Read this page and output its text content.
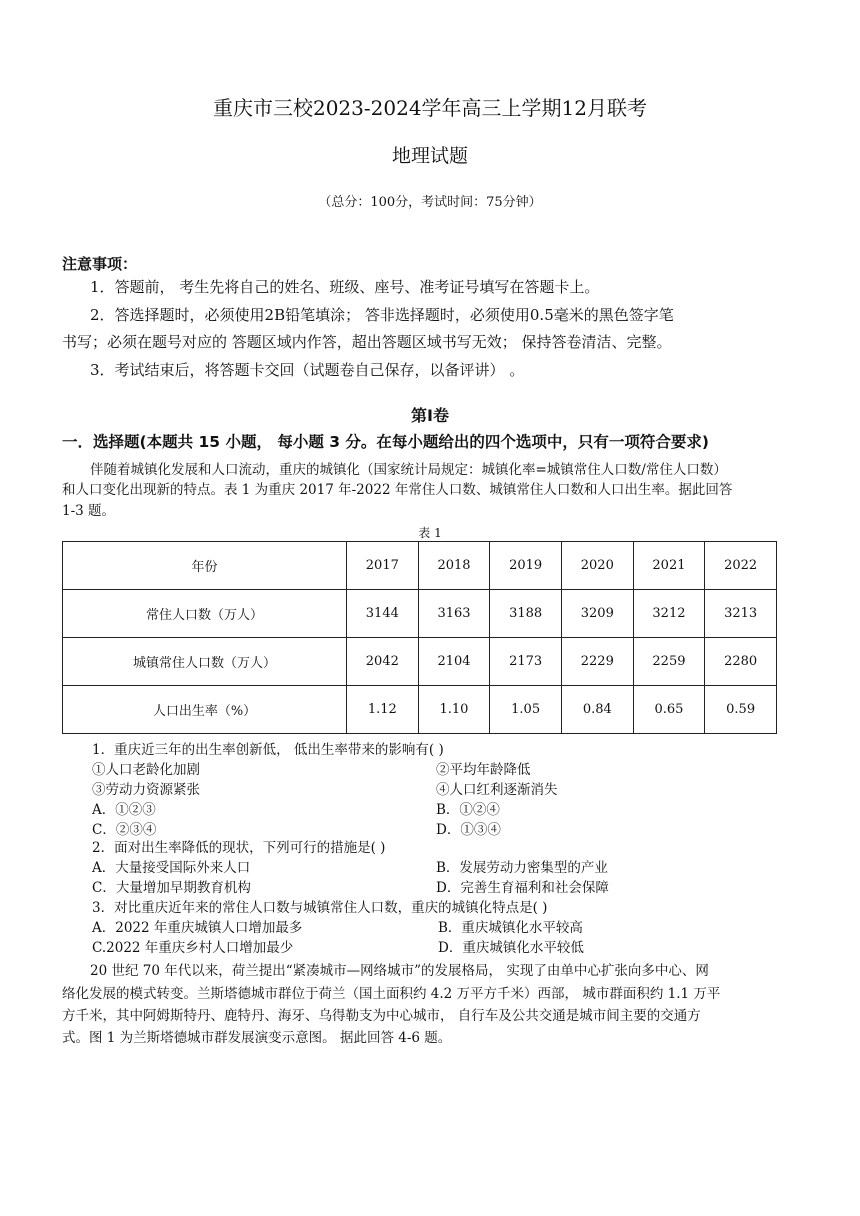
重庆市三校2023-2024学年高三上学期12月联考
地理试题
（总分：100分，考试时间：75分钟）
注意事项：
1．答题前， 考生先将自己的姓名、班级、座号、准考证号填写在答题卡上。
2．答选择题时，必须使用2B铅笔填涂； 答非选择题时，必须使用0.5毫米的黑色签字笔
书写；必须在题号对应的 答题区域内作答，超出答题区域书写无效； 保持答卷清洁、完整。
3．考试结束后，将答题卡交回（试题卷自己保存，以备评讲） 。
第Ⅰ卷
一．选择题(本题共 15 小题， 每小题 3 分。在每小题给出的四个选项中，只有一项符合要求)
伴随着城镇化发展和人口流动，重庆的城镇化（国家统计局规定：城镇化率=城镇常住人口数/常住人口数）
和人口变化出现新的特点。表 1 为重庆 2017 年-2022 年常住人口数、城镇常住人口数和人口出生率。据此回答
1-3 题。
表 1
年份	2017	2018	2019	2020	2021	2022
常住人口数（万人）	3144	3163	3188	3209	3212	3213
城镇常住人口数（万人）	2042	2104	2173	2229	2259	2280
人口出生率（%）	1.12	1.10	1.05	0.84	0.65	0.59
1．重庆近三年的出生率创新低， 低出生率带来的影响有( )
①人口老龄化加剧	②平均年龄降低
③劳动力资源紧张	④人口红利逐渐消失
A．①②③	B．①②④
C．②③④	D．①③④
2．面对出生率降低的现状，下列可行的措施是( )
A．大量接受国际外来人口	B．发展劳动力密集型的产业
C．大量增加早期教育机构	D．完善生育福利和社会保障
3．对比重庆近年来的常住人口数与城镇常住人口数，重庆的城镇化特点是( )
A．2022 年重庆城镇人口增加最多	B．重庆城镇化水平较高
C.2022 年重庆乡村人口增加最少	D．重庆城镇化水平较低
20 世纪 70 年代以来，荷兰提出“紧凑城市—网络城市”的发展格局， 实现了由单中心扩张向多中心、网
络化发展的模式转变。兰斯塔德城市群位于荷兰（国土面积约 4.2 万平方千米）西部， 城市群面积约 1.1 万平
方千米，其中阿姆斯特丹、鹿特丹、海牙、乌得勒支为中心城市， 自行车及公共交通是城市间主要的交通方
式。图 1 为兰斯塔德城市群发展演变示意图。 据此回答 4-6 题。
